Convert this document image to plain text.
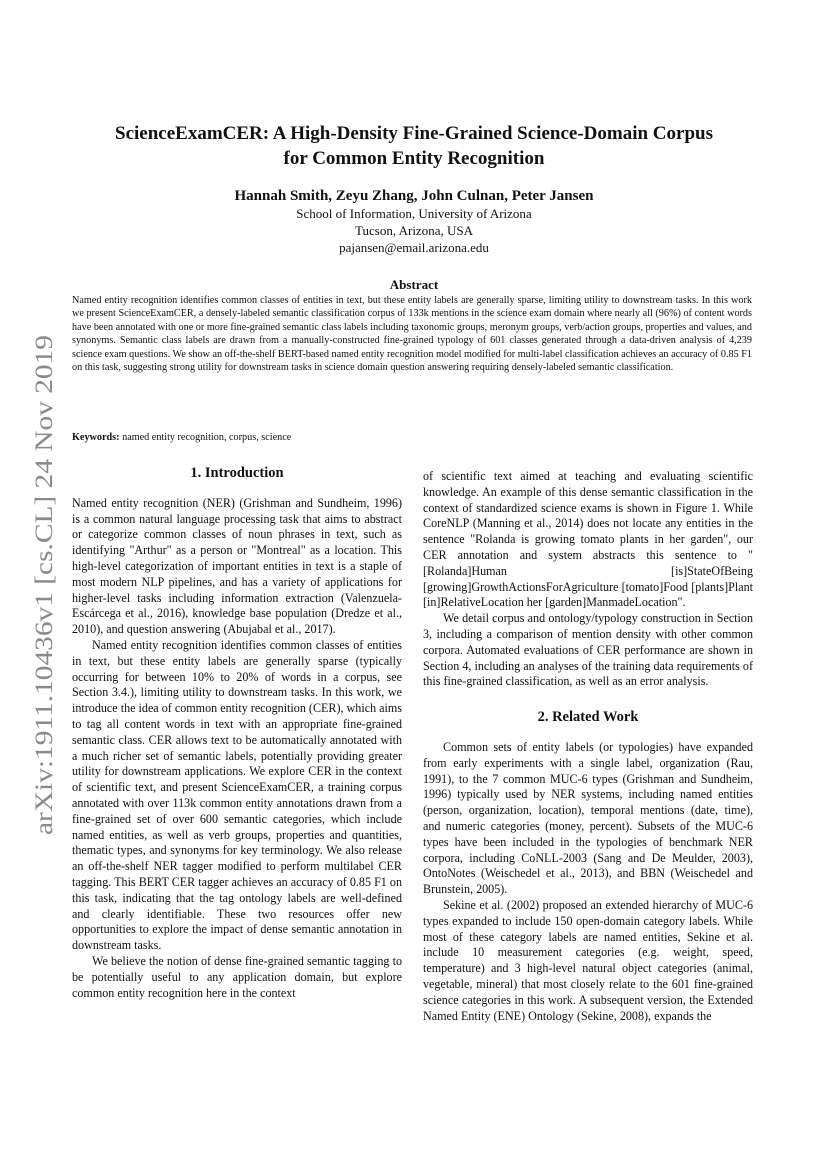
arXiv:1911.10436v1 [cs.CL] 24 Nov 2019
ScienceExamCER: A High-Density Fine-Grained Science-Domain Corpus
for Common Entity Recognition
Hannah Smith, Zeyu Zhang, John Culnan, Peter Jansen
School of Information, University of Arizona
Tucson, Arizona, USA
pajansen@email.arizona.edu
Abstract
Named entity recognition identifies common classes of entities in text, but these entity labels are generally sparse, limiting utility to downstream tasks. In this work we present ScienceExamCER, a densely-labeled semantic classification corpus of 133k mentions in the science exam domain where nearly all (96%) of content words have been annotated with one or more fine-grained semantic class labels including taxonomic groups, meronym groups, verb/action groups, properties and values, and synonyms. Semantic class labels are drawn from a manually-constructed fine-grained typology of 601 classes generated through a data-driven analysis of 4,239 science exam questions. We show an off-the-shelf BERT-based named entity recognition model modified for multi-label classification achieves an accuracy of 0.85 F1 on this task, suggesting strong utility for downstream tasks in science domain question answering requiring densely-labeled semantic classification.
Keywords: named entity recognition, corpus, science
1. Introduction

Named entity recognition (NER) (Grishman and Sundheim, 1996) is a common natural language processing task that aims to abstract or categorize common classes of noun phrases in text, such as identifying "Arthur" as a person or "Montreal" as a location. This high-level categorization of important entities in text is a staple of most modern NLP pipelines, and has a variety of applications for higher-level tasks including information extraction (Valenzuela-Escárcega et al., 2016), knowledge base population (Dredze et al., 2010), and question answering (Abujabal et al., 2017).

Named entity recognition identifies common classes of entities in text, but these entity labels are generally sparse (typically occurring for between 10% to 20% of words in a corpus, see Section 3.4.), limiting utility to downstream tasks. In this work, we introduce the idea of common entity recognition (CER), which aims to tag all content words in text with an appropriate fine-grained semantic class. CER allows text to be automatically annotated with a much richer set of semantic labels, potentially providing greater utility for downstream applications. We explore CER in the context of scientific text, and present ScienceExamCER, a training corpus annotated with over 113k common entity annotations drawn from a fine-grained set of over 600 semantic categories, which include named entities, as well as verb groups, properties and quantities, thematic types, and synonyms for key terminology. We also release an off-the-shelf NER tagger modified to perform multilabel CER tagging. This BERT CER tagger achieves an accuracy of 0.85 F1 on this task, indicating that the tag ontology labels are well-defined and clearly identifiable. These two resources offer new opportunities to explore the impact of dense semantic annotation in downstream tasks.

We believe the notion of dense fine-grained semantic tagging to be potentially useful to any application domain, but explore common entity recognition here in the context

of scientific text aimed at teaching and evaluating scientific knowledge. An example of this dense semantic classification in the context of standardized science exams is shown in Figure 1. While CoreNLP (Manning et al., 2014) does not locate any entities in the sentence "Rolanda is growing tomato plants in her garden", our CER annotation and system abstracts this sentence to "[Rolanda]Human [is]StateOfBeing [growing]GrowthActionsForAgriculture [tomato]Food [plants]Plant [in]RelativeLocation her [garden]ManmadeLocation".

We detail corpus and ontology/typology construction in Section 3, including a comparison of mention density with other common corpora. Automated evaluations of CER performance are shown in Section 4, including an analyses of the training data requirements of this fine-grained classification, as well as an error analysis.

2. Related Work

Common sets of entity labels (or typologies) have expanded from early experiments with a single label, organization (Rau, 1991), to the 7 common MUC-6 types (Grishman and Sundheim, 1996) typically used by NER systems, including named entities (person, organization, location), temporal mentions (date, time), and numeric categories (money, percent). Subsets of the MUC-6 types have been included in the typologies of benchmark NER corpora, including CoNLL-2003 (Sang and De Meulder, 2003), OntoNotes (Weischedel et al., 2013), and BBN (Weischedel and Brunstein, 2005).

Sekine et al. (2002) proposed an extended hierarchy of MUC-6 types expanded to include 150 open-domain category labels. While most of these category labels are named entities, Sekine et al. include 10 measurement categories (e.g. weight, speed, temperature) and 3 high-level natural object categories (animal, vegetable, mineral) that most closely relate to the 601 fine-grained science categories in this work. A subsequent version, the Extended Named Entity (ENE) Ontology (Sekine, 2008), expands the
